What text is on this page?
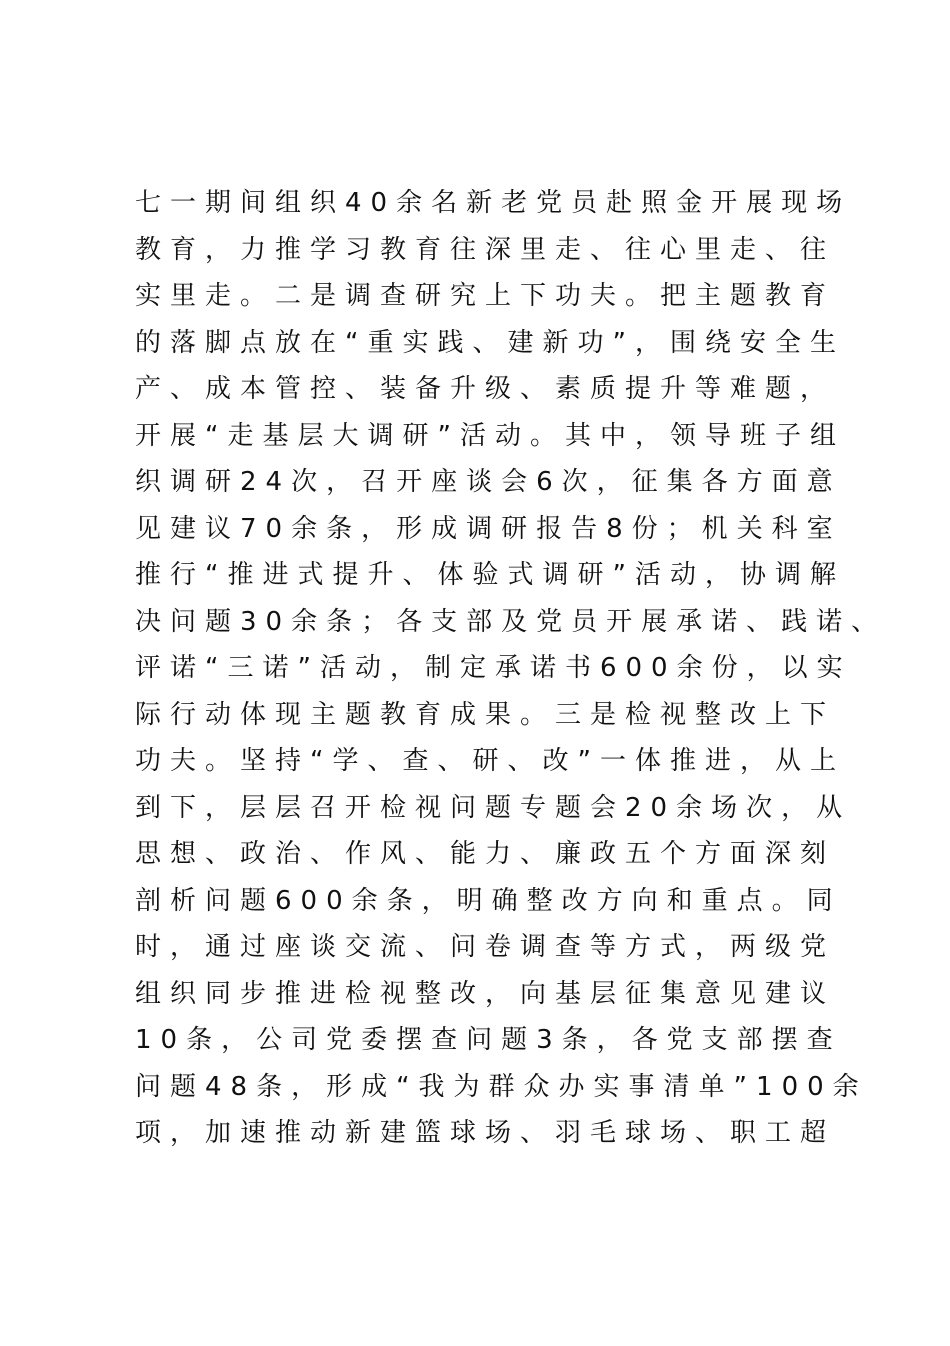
七一期间组织40余名新老党员赴照金开展现场
教育，力推学习教育往深里走、往心里走、往
实里走。二是调查研究上下功夫。把主题教育
的落脚点放在“重实践、建新功”，围绕安全生
产、成本管控、装备升级、素质提升等难题，
开展“走基层大调研”活动。其中，领导班子组
织调研24次，召开座谈会6次，征集各方面意
见建议70余条，形成调研报告8份；机关科室
推行“推进式提升、体验式调研”活动，协调解
决问题30余条；各支部及党员开展承诺、践诺、
评诺“三诺”活动，制定承诺书600余份，以实
际行动体现主题教育成果。三是检视整改上下
功夫。坚持“学、查、研、改”一体推进，从上
到下，层层召开检视问题专题会20余场次，从
思想、政治、作风、能力、廉政五个方面深刻
剖析问题600余条，明确整改方向和重点。同
时，通过座谈交流、问卷调查等方式，两级党
组织同步推进检视整改，向基层征集意见建议
10条，公司党委摆查问题3条，各党支部摆查
问题48条，形成“我为群众办实事清单”100余
项，加速推动新建篮球场、羽毛球场、职工超
